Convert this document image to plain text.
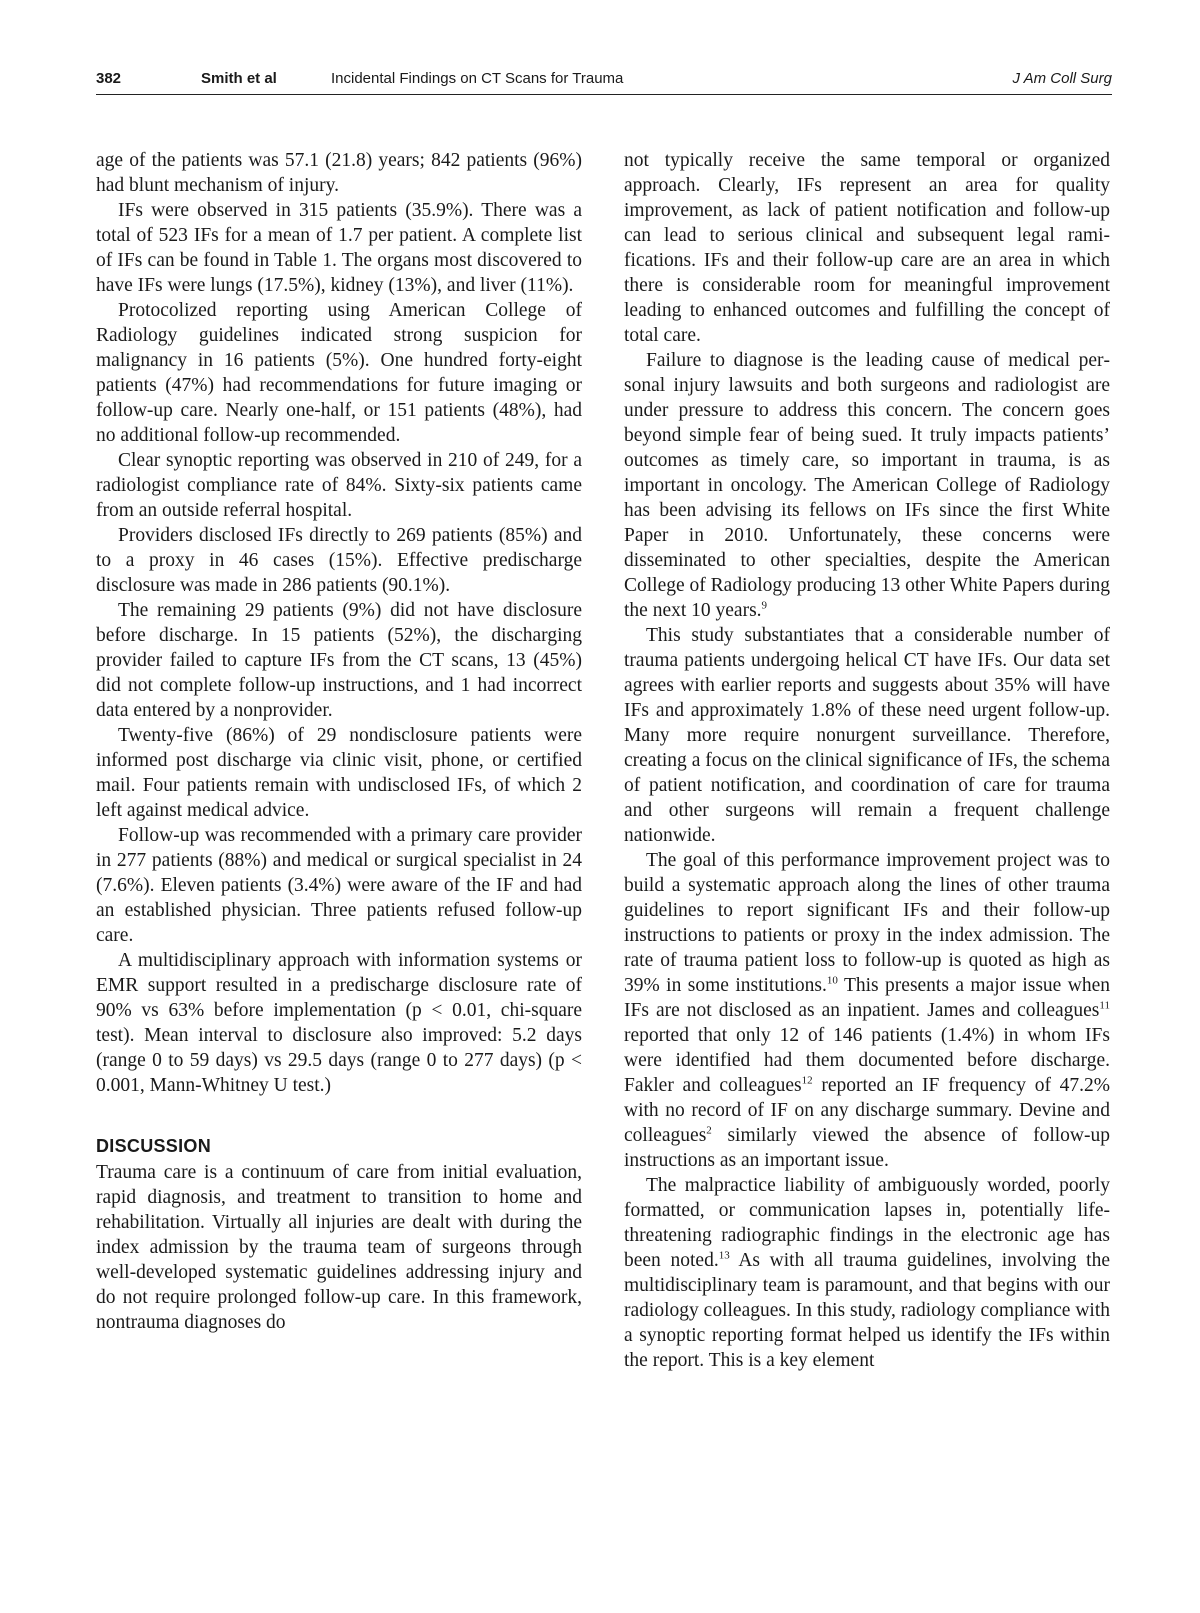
382	Smith et al	Incidental Findings on CT Scans for Trauma	J Am Coll Surg

age of the patients was 57.1 (21.8) years; 842 patients (96%) had blunt mechanism of injury.

IFs were observed in 315 patients (35.9%). There was a total of 523 IFs for a mean of 1.7 per patient. A complete list of IFs can be found in Table 1. The organs most discovered to have IFs were lungs (17.5%), kidney (13%), and liver (11%).

Protocolized reporting using American College of Radiology guidelines indicated strong suspicion for malignancy in 16 patients (5%). One hundred forty-eight patients (47%) had recommendations for future imaging or follow-up care. Nearly one-half, or 151 patients (48%), had no additional follow-up recommended.

Clear synoptic reporting was observed in 210 of 249, for a radiologist compliance rate of 84%. Sixty-six patients came from an outside referral hospital.

Providers disclosed IFs directly to 269 patients (85%) and to a proxy in 46 cases (15%). Effective predischarge disclosure was made in 286 patients (90.1%).

The remaining 29 patients (9%) did not have disclosure before discharge. In 15 patients (52%), the discharging provider failed to capture IFs from the CT scans, 13 (45%) did not complete follow-up instructions, and 1 had incorrect data entered by a nonprovider.

Twenty-five (86%) of 29 nondisclosure patients were informed post discharge via clinic visit, phone, or certified mail. Four patients remain with undisclosed IFs, of which 2 left against medical advice.

Follow-up was recommended with a primary care provider in 277 patients (88%) and medical or surgical specialist in 24 (7.6%). Eleven patients (3.4%) were aware of the IF and had an established physician. Three patients refused follow-up care.

A multidisciplinary approach with information systems or EMR support resulted in a predischarge disclosure rate of 90% vs 63% before implementation (p < 0.01, chi-square test). Mean interval to disclosure also improved: 5.2 days (range 0 to 59 days) vs 29.5 days (range 0 to 277 days) (p < 0.001, Mann-Whitney U test.)

DISCUSSION

Trauma care is a continuum of care from initial evaluation, rapid diagnosis, and treatment to transition to home and rehabilitation. Virtually all injuries are dealt with during the index admission by the trauma team of surgeons through well-developed systematic guidelines addressing injury and do not require prolonged follow-up care. In this framework, nontrauma diagnoses do

not typically receive the same temporal or organized approach. Clearly, IFs represent an area for quality improvement, as lack of patient notification and follow-up can lead to serious clinical and subsequent legal ramifications. IFs and their follow-up care are an area in which there is considerable room for meaningful improvement leading to enhanced outcomes and fulfilling the concept of total care.

Failure to diagnose is the leading cause of medical personal injury lawsuits and both surgeons and radiologist are under pressure to address this concern. The concern goes beyond simple fear of being sued. It truly impacts patients’ outcomes as timely care, so important in trauma, is as important in oncology. The American College of Radiology has been advising its fellows on IFs since the first White Paper in 2010. Unfortunately, these concerns were disseminated to other specialties, despite the American College of Radiology producing 13 other White Papers during the next 10 years.$^9$

This study substantiates that a considerable number of trauma patients undergoing helical CT have IFs. Our data set agrees with earlier reports and suggests about 35% will have IFs and approximately 1.8% of these need urgent follow-up. Many more require nonurgent surveillance. Therefore, creating a focus on the clinical significance of IFs, the schema of patient notification, and coordination of care for trauma and other surgeons will remain a frequent challenge nationwide.

The goal of this performance improvement project was to build a systematic approach along the lines of other trauma guidelines to report significant IFs and their follow-up instructions to patients or proxy in the index admission. The rate of trauma patient loss to follow-up is quoted as high as 39% in some institutions.$^{10}$ This presents a major issue when IFs are not disclosed as an inpatient. James and colleagues$^{11}$ reported that only 12 of 146 patients (1.4%) in whom IFs were identified had them documented before discharge. Fakler and colleagues$^{12}$ reported an IF frequency of 47.2% with no record of IF on any discharge summary. Devine and colleagues$^2$ similarly viewed the absence of follow-up instructions as an important issue.

The malpractice liability of ambiguously worded, poorly formatted, or communication lapses in, potentially life-threatening radiographic findings in the electronic age has been noted.$^{13}$ As with all trauma guidelines, involving the multidisciplinary team is paramount, and that begins with our radiology colleagues. In this study, radiology compliance with a synoptic reporting format helped us identify the IFs within the report. This is a key element
